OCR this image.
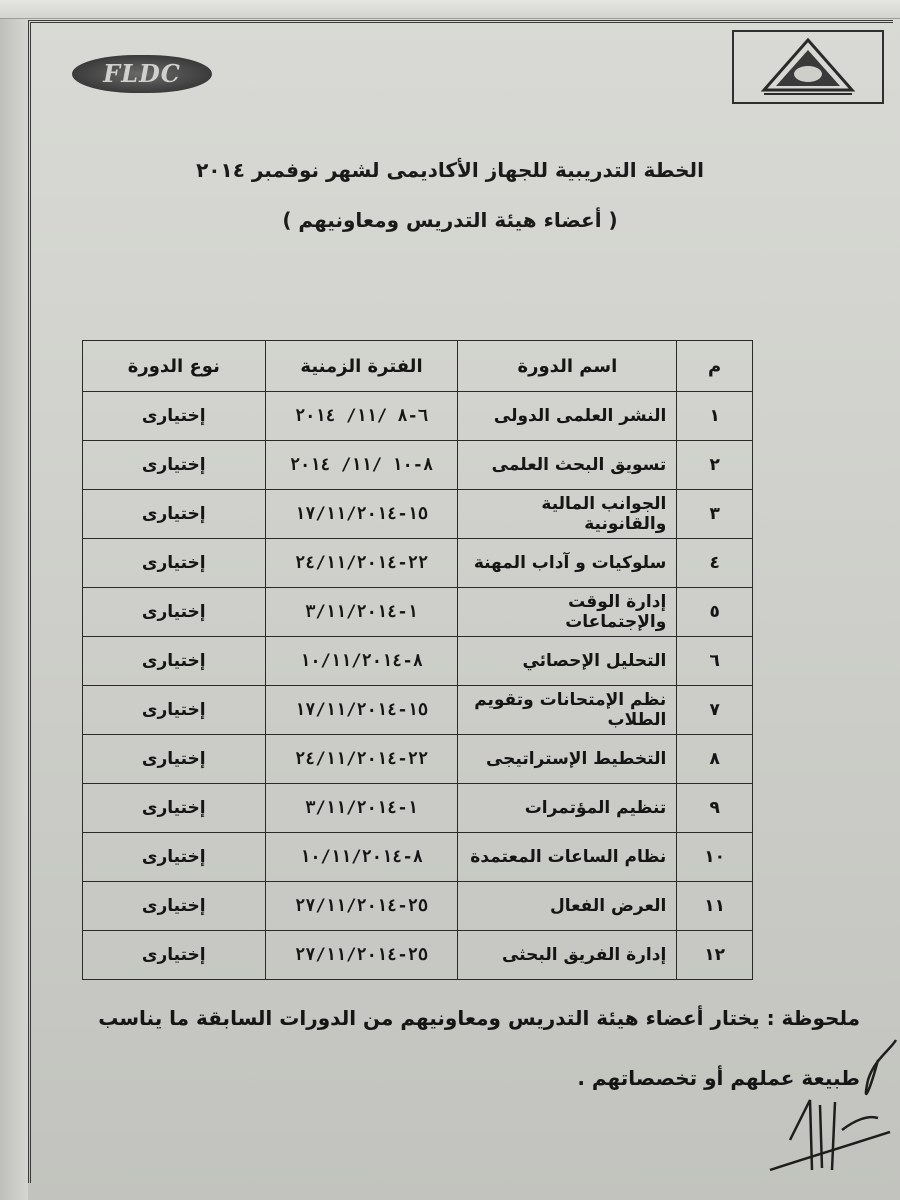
FLDC
الخطة التدريبية للجهاز الأكاديمى لشهر نوفمبر ٢٠١٤
( أعضاء هيئة التدريس ومعاونيهم )
م	اسم الدورة	الفترة الزمنية	نوع الدورة
١	النشر العلمى الدولى	٦-٨ /١١/ ٢٠١٤	إختيارى
٢	تسويق البحث العلمى	٨-١٠ /١١/ ٢٠١٤	إختيارى
٣	الجوانب المالية والقانونية	١٥-١٧/١١/٢٠١٤	إختيارى
٤	سلوكيات و آداب المهنة	٢٢-٢٤/١١/٢٠١٤	إختيارى
٥	إدارة الوقت والإجتماعات	١-٣/١١/٢٠١٤	إختيارى
٦	التحليل الإحصائي	٨-١٠/١١/٢٠١٤	إختيارى
٧	نظم الإمتحانات وتقويم الطلاب	١٥-١٧/١١/٢٠١٤	إختيارى
٨	التخطيط الإستراتيجى	٢٢-٢٤/١١/٢٠١٤	إختيارى
٩	تنظيم المؤتمرات	١-٣/١١/٢٠١٤	إختيارى
١٠	نظام الساعات المعتمدة	٨-١٠/١١/٢٠١٤	إختيارى
١١	العرض الفعال	٢٥-٢٧/١١/٢٠١٤	إختيارى
١٢	إدارة الفريق البحثى	٢٥-٢٧/١١/٢٠١٤	إختيارى
ملحوظة : يختار أعضاء هيئة التدريس ومعاونيهم من الدورات السابقة ما يناسب طبيعة عملهم أو تخصصاتهم .
